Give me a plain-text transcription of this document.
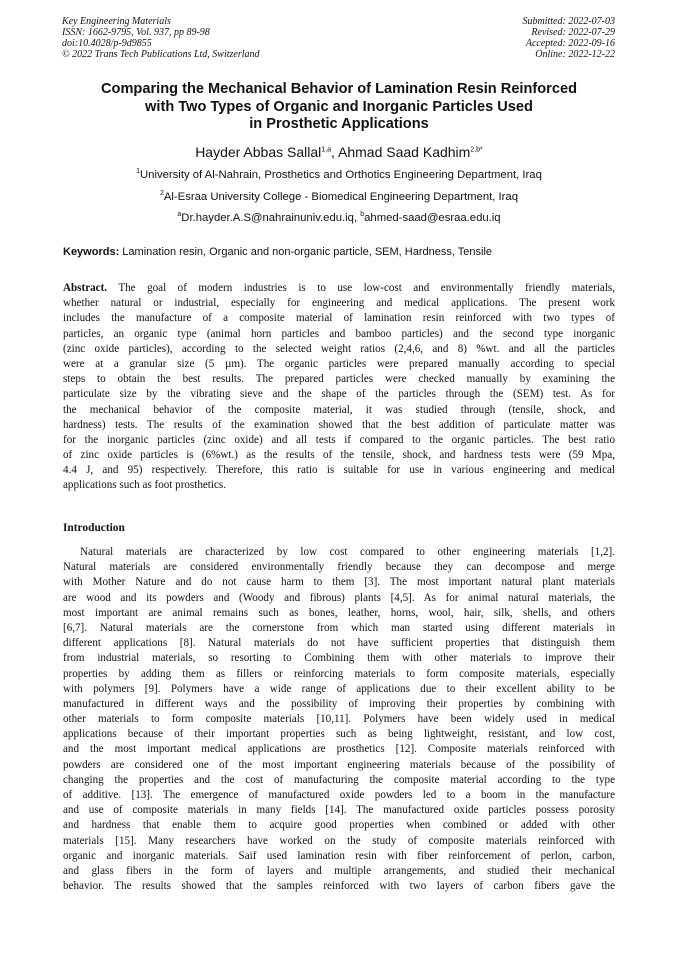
Key Engineering Materials
ISSN: 1662-9795, Vol. 937, pp 89-98
doi:10.4028/p-9d9855
© 2022 Trans Tech Publications Ltd, Switzerland
Submitted: 2022-07-03
Revised: 2022-07-29
Accepted: 2022-09-16
Online: 2022-12-22
Comparing the Mechanical Behavior of Lamination Resin Reinforced
with Two Types of Organic and Inorganic Particles Used
in Prosthetic Applications
Hayder Abbas Sallal$^{1,a}$, Ahmad Saad Kadhim$^{2,b*}$
$^1$University of Al-Nahrain, Prosthetics and Orthotics Engineering Department, Iraq
$^2$Al-Esraa University College - Biomedical Engineering Department, Iraq
$^a$Dr.hayder.A.S@nahrainuniv.edu.iq, $^b$ahmed-saad@esraa.edu.iq
Keywords: Lamination resin, Organic and non-organic particle, SEM, Hardness, Tensile
Abstract. The goal of modern industries is to use low-cost and environmentally friendly materials,
whether natural or industrial, especially for engineering and medical applications. The present work
includes the manufacture of a composite material of lamination resin reinforced with two types of
particles, an organic type (animal horn particles and bamboo particles) and the second type inorganic
(zinc oxide particles), according to the selected weight ratios (2,4,6, and 8) %wt. and all the particles
were at a granular size (5 µm). The organic particles were prepared manually according to special
steps to obtain the best results. The prepared particles were checked manually by examining the
particulate size by the vibrating sieve and the shape of the particles through the (SEM) test. As for
the mechanical behavior of the composite material, it was studied through (tensile, shock, and
hardness) tests. The results of the examination showed that the best addition of particulate matter was
for the inorganic particles (zinc oxide) and all tests if compared to the organic particles. The best ratio
of zinc oxide particles is (6%wt.) as the results of the tensile, shock, and hardness tests were (59 Mpa,
4.4 J, and 95) respectively. Therefore, this ratio is suitable for use in various engineering and medical
applications such as foot prosthetics.
Introduction
Natural materials are characterized by low cost compared to other engineering materials [1,2].
Natural materials are considered environmentally friendly because they can decompose and merge
with Mother Nature and do not cause harm to them [3]. The most important natural plant materials
are wood and its powders and (Woody and fibrous) plants [4,5]. As for animal natural materials, the
most important are animal remains such as bones, leather, horns, wool, hair, silk, shells, and others
[6,7]. Natural materials are the cornerstone from which man started using different materials in
different applications [8]. Natural materials do not have sufficient properties that distinguish them
from industrial materials, so resorting to Combining them with other materials to improve their
properties by adding them as fillers or reinforcing materials to form composite materials, especially
with polymers [9]. Polymers have a wide range of applications due to their excellent ability to be
manufactured in different ways and the possibility of improving their properties by combining with
other materials to form composite materials [10,11]. Polymers have been widely used in medical
applications because of their important properties such as being lightweight, resistant, and low cost,
and the most important medical applications are prosthetics [12]. Composite materials reinforced with
powders are considered one of the most important engineering materials because of the possibility of
changing the properties and the cost of manufacturing the composite material according to the type
of additive. [13]. The emergence of manufactured oxide powders led to a boom in the manufacture
and use of composite materials in many fields [14]. The manufactured oxide particles possess porosity
and hardness that enable them to acquire good properties when combined or added with other
materials [15]. Many researchers have worked on the study of composite materials reinforced with
organic and inorganic materials. Saif used lamination resin with fiber reinforcement of perlon, carbon,
and glass fibers in the form of layers and multiple arrangements, and studied their mechanical
behavior. The results showed that the samples reinforced with two layers of carbon fibers gave the
